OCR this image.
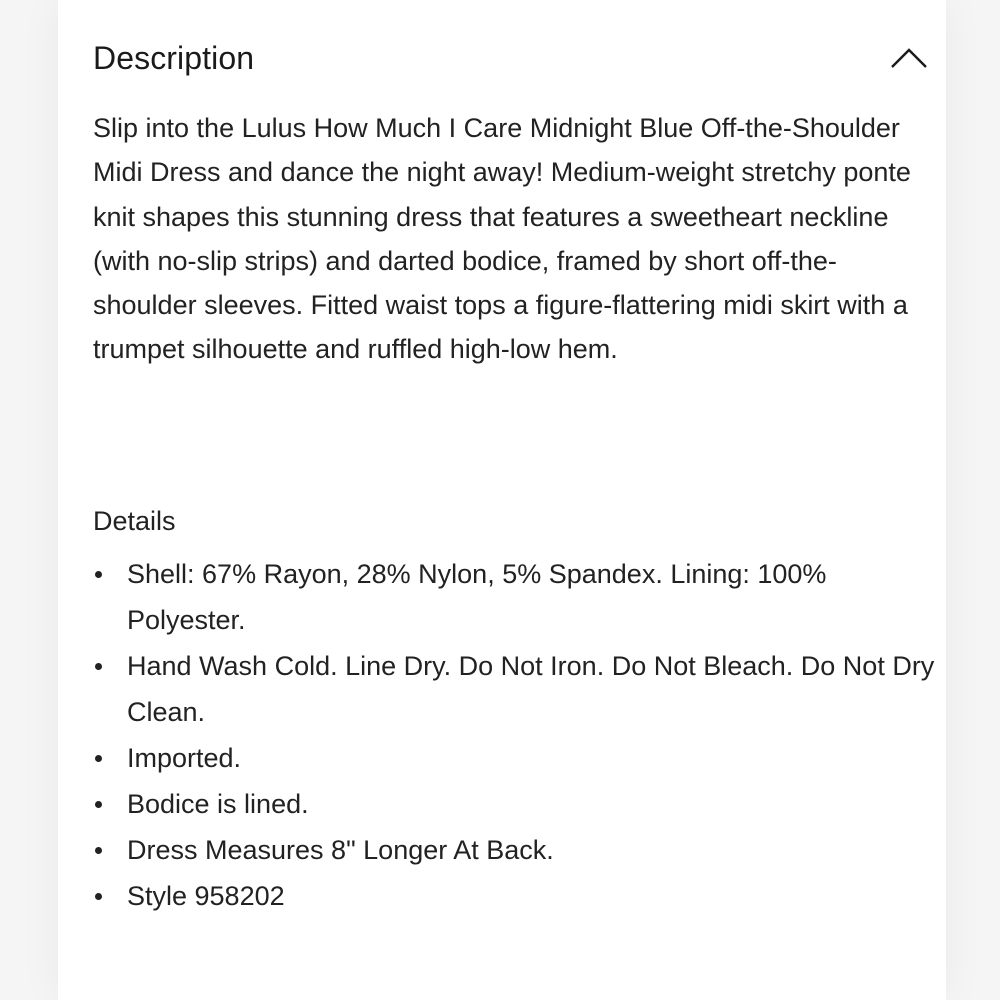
Description

Slip into the Lulus How Much I Care Midnight Blue Off-the-Shoulder Midi Dress and dance the night away! Medium-weight stretchy ponte knit shapes this stunning dress that features a sweetheart neckline (with no-slip strips) and darted bodice, framed by short off-the-shoulder sleeves. Fitted waist tops a figure-flattering midi skirt with a trumpet silhouette and ruffled high-low hem.

Details
Shell: 67% Rayon, 28% Nylon, 5% Spandex. Lining: 100% Polyester.
Hand Wash Cold. Line Dry. Do Not Iron. Do Not Bleach. Do Not Dry Clean.
Imported.
Bodice is lined.
Dress Measures 8" Longer At Back.
Style 958202
